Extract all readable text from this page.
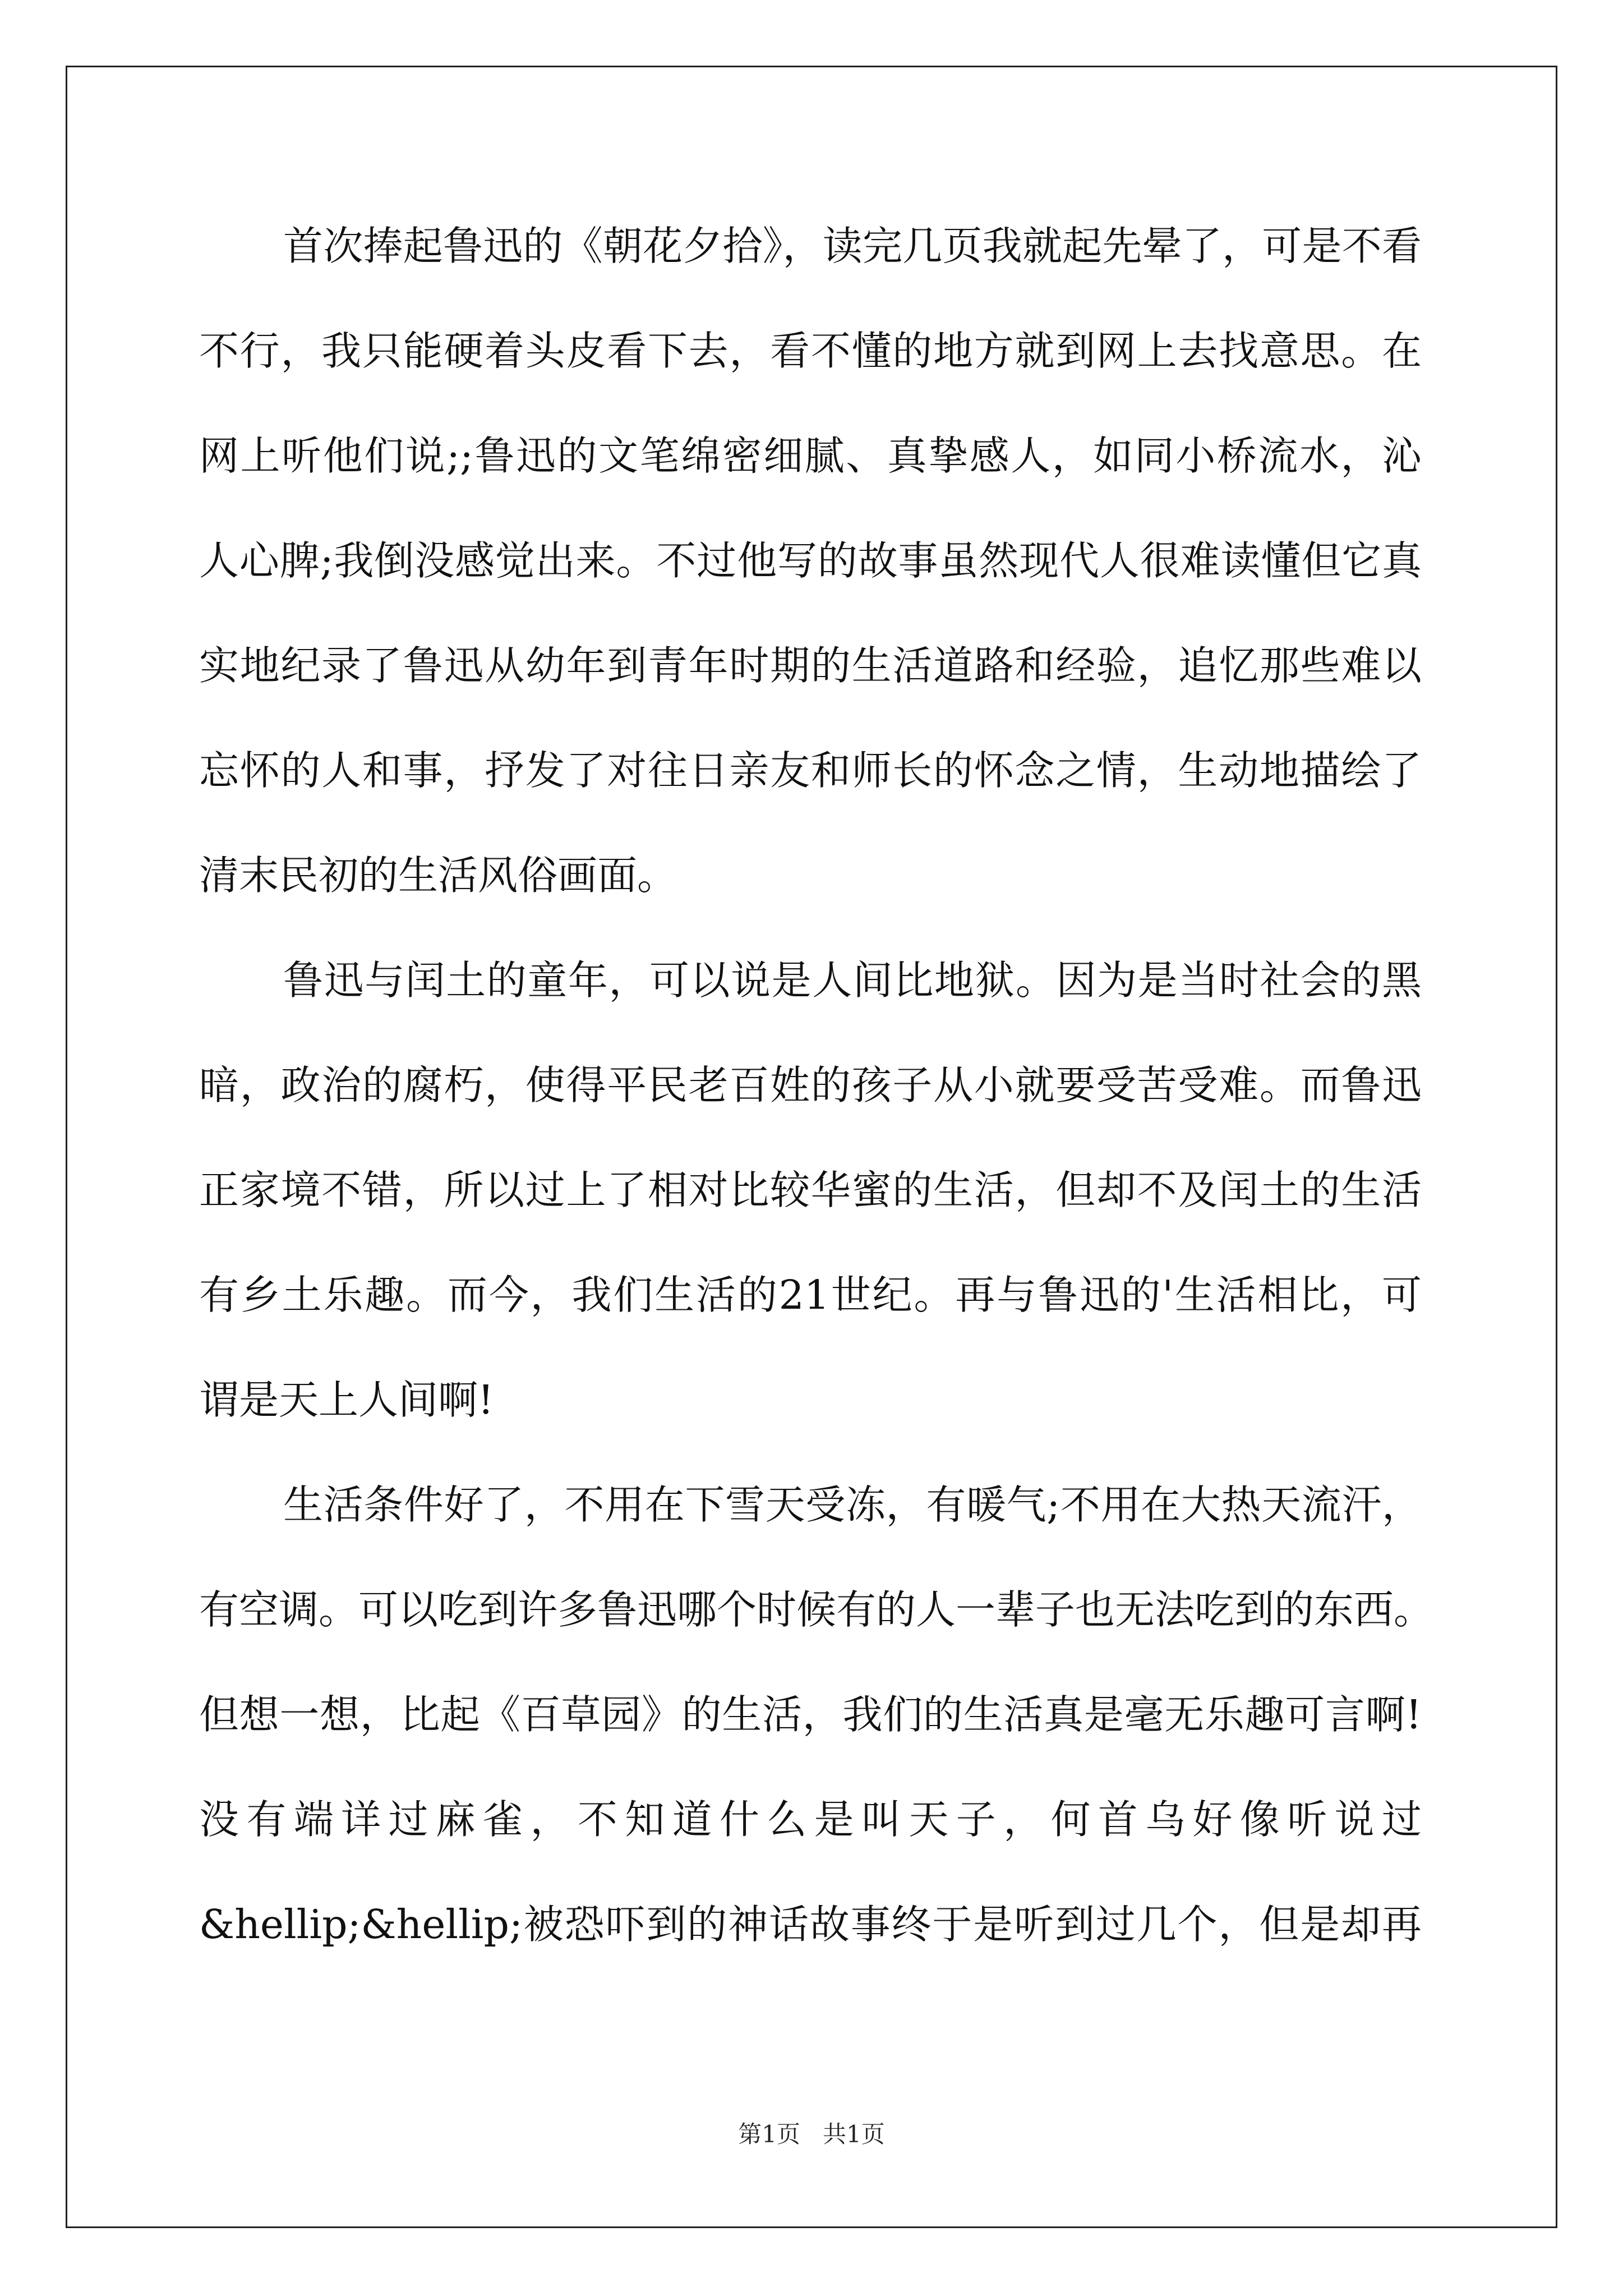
首次捧起鲁迅的《朝花夕拾》，读完几页我就起先晕了，可是不看
不行，我只能硬着头皮看下去，看不懂的地方就到网上去找意思。在
网上听他们说;;鲁迅的文笔绵密细腻、真挚感人，如同小桥流水，沁
人心脾;我倒没感觉出来。不过他写的故事虽然现代人很难读懂但它真
实地纪录了鲁迅从幼年到青年时期的生活道路和经验，追忆那些难以
忘怀的人和事，抒发了对往日亲友和师长的怀念之情，生动地描绘了
清末民初的生活风俗画面。
鲁迅与闰土的童年，可以说是人间比地狱。因为是当时社会的黑
暗，政治的腐朽，使得平民老百姓的孩子从小就要受苦受难。而鲁迅
正家境不错，所以过上了相对比较华蜜的生活，但却不及闰土的生活
有乡土乐趣。而今，我们生活的21世纪。再与鲁迅的'生活相比，可
谓是天上人间啊!
生活条件好了，不用在下雪天受冻，有暖气;不用在大热天流汗，
有空调。可以吃到许多鲁迅哪个时候有的人一辈子也无法吃到的东西。
但想一想，比起《百草园》的生活，我们的生活真是毫无乐趣可言啊!
没有端详过麻雀，不知道什么是叫天子，何首乌好像听说过
&hellip;&hellip;被恐吓到的神话故事终于是听到过几个，但是却再
第1页 共1页
